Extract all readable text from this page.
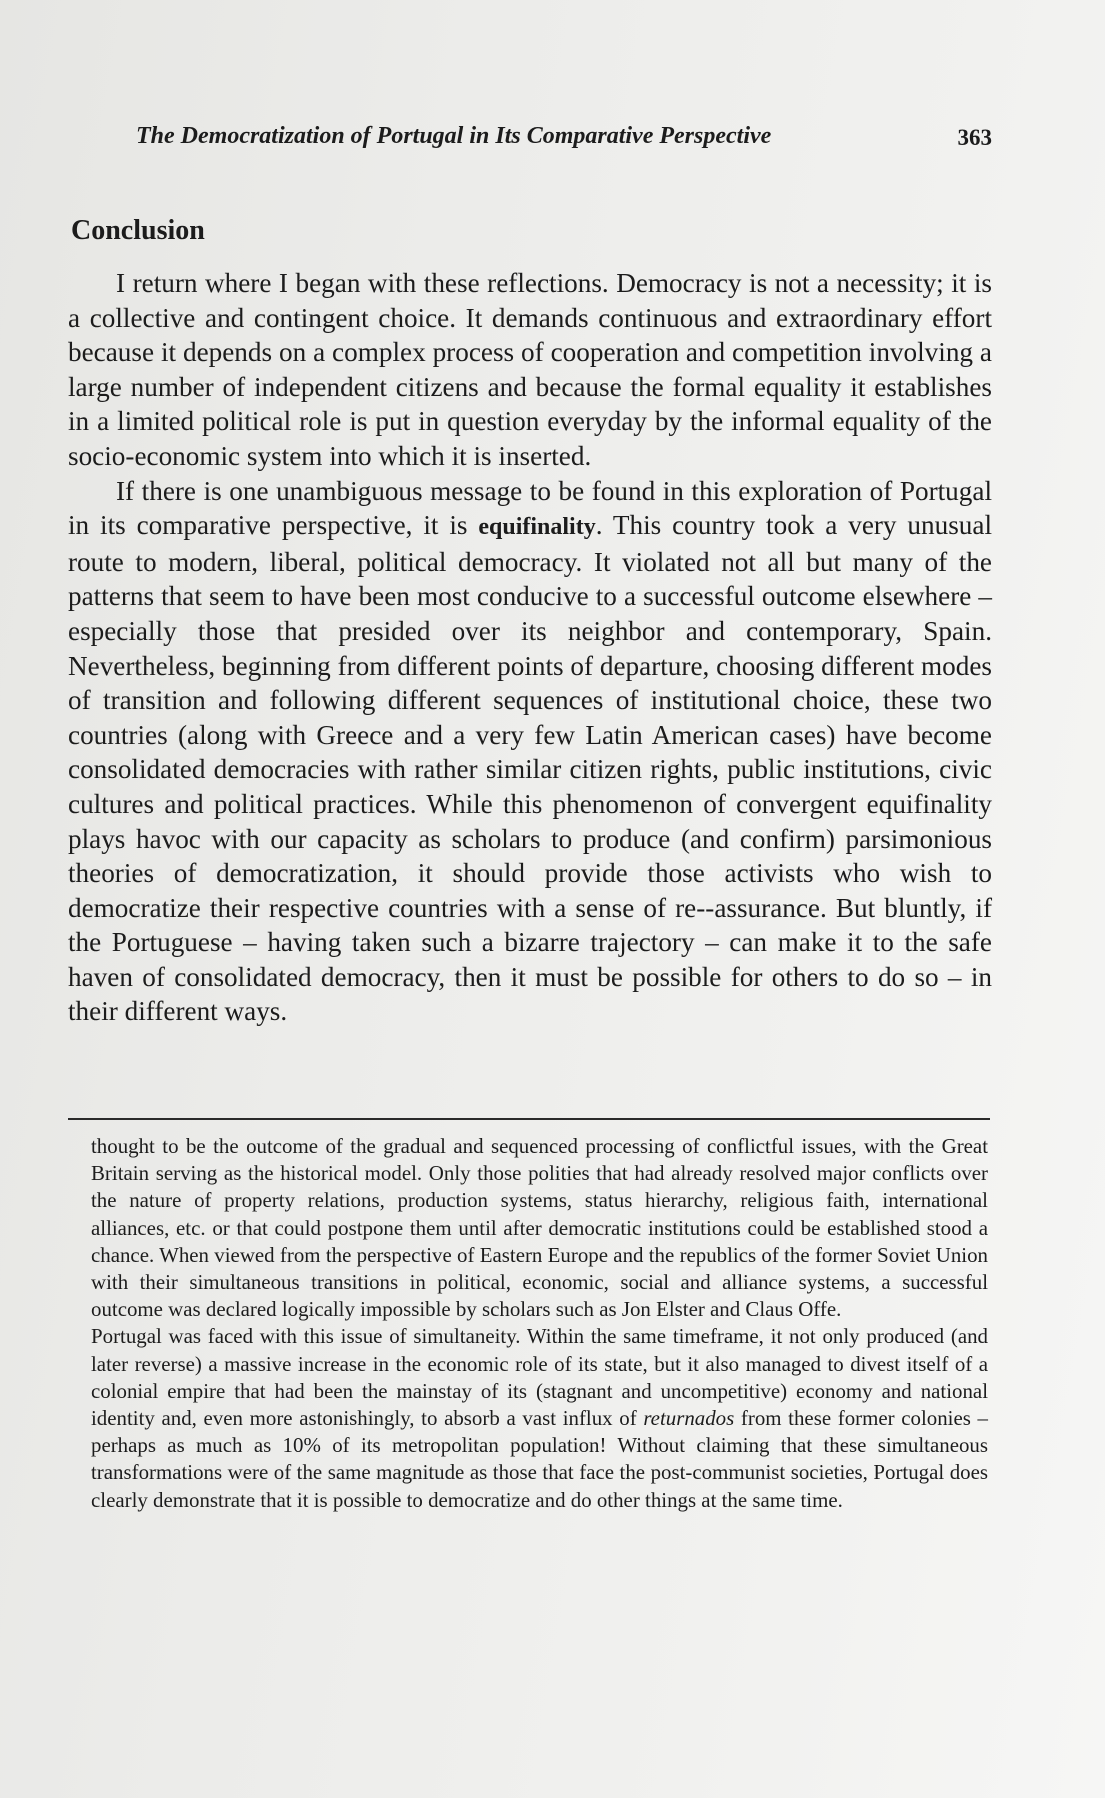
The Democratization of Portugal in Its Comparative Perspective	363
Conclusion

I return where I began with these reflections. Democracy is not a necessity; it is a collective and contingent choice. It demands continuous and extraordinary effort because it depends on a complex process of cooperation and competition involving a large number of independent citizens and because the formal equality it establishes in a limited political role is put in question everyday by the informal equality of the socio-economic system into which it is inserted.

If there is one unambiguous message to be found in this exploration of Portugal in its comparative perspective, it is equifinality. This country took a very unusual route to modern, liberal, political democracy. It violated not all but many of the patterns that seem to have been most conducive to a successful outcome elsewhere – especially those that presided over its neighbor and contemporary, Spain. Nevertheless, beginning from different points of departure, choosing different modes of transition and following different sequences of institutional choice, these two countries (along with Greece and a very few Latin American cases) have become consolidated democracies with rather similar citizen rights, public institutions, civic cultures and political practices. While this phenomenon of convergent equifinality plays havoc with our capacity as scholars to produce (and confirm) parsimonious theories of democratization, it should provide those activists who wish to democratize their respective countries with a sense of re--assurance. But bluntly, if the Portuguese – having taken such a bizarre trajectory – can make it to the safe haven of consolidated democracy, then it must be possible for others to do so – in their different ways.

thought to be the outcome of the gradual and sequenced processing of conflictful issues, with the Great Britain serving as the historical model. Only those polities that had already resolved major conflicts over the nature of property relations, production systems, status hierarchy, religious faith, international alliances, etc. or that could postpone them until after democratic institutions could be established stood a chance. When viewed from the perspective of Eastern Europe and the republics of the former Soviet Union with their simultaneous transitions in political, economic, social and alliance systems, a successful outcome was declared logically impossible by scholars such as Jon Elster and Claus Offe.

Portugal was faced with this issue of simultaneity. Within the same timeframe, it not only produced (and later reverse) a massive increase in the economic role of its state, but it also managed to divest itself of a colonial empire that had been the mainstay of its (stagnant and uncompetitive) economy and national identity and, even more astonishingly, to absorb a vast influx of returnados from these former colonies – perhaps as much as 10% of its metropolitan population! Without claiming that these simultaneous transformations were of the same magnitude as those that face the post-communist societies, Portugal does clearly demonstrate that it is possible to democratize and do other things at the same time.
